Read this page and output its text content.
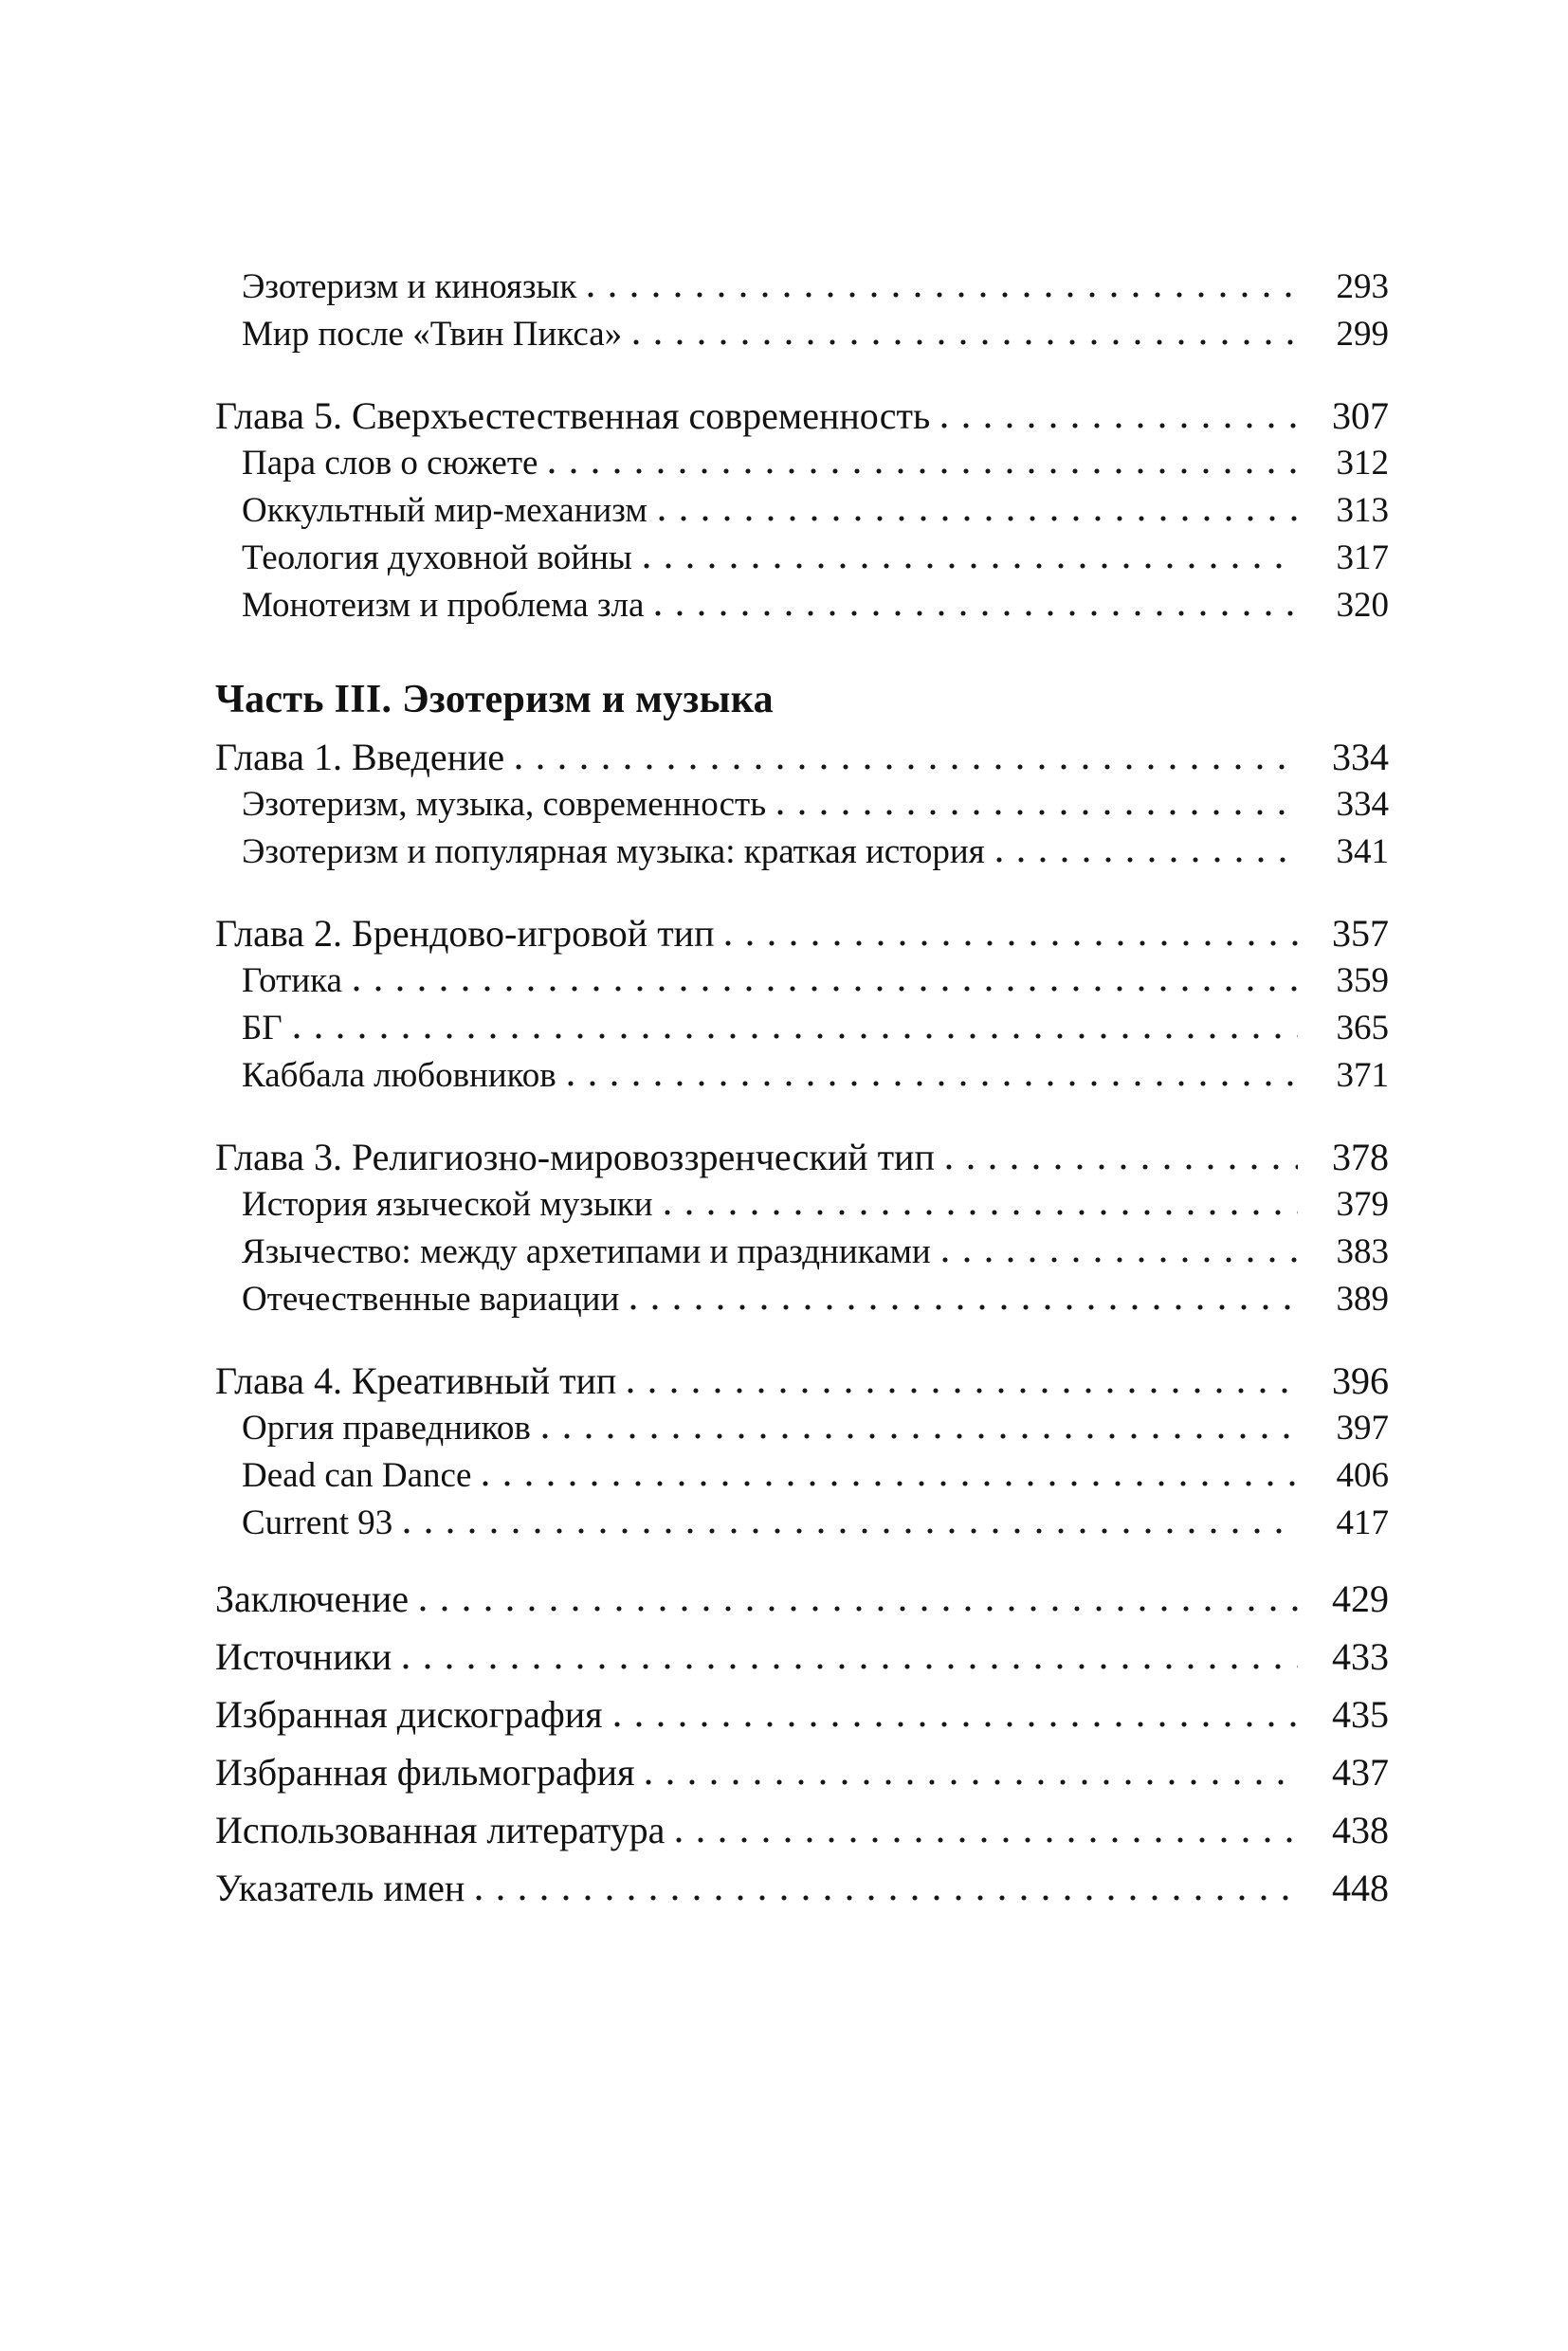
Эзотеризм и киноязык	293
Мир после «Твин Пикса»	299
Глава 5. Сверхъестественная современность	307
Пара слов о сюжете	312
Оккультный мир-механизм	313
Теология духовной войны	317
Монотеизм и проблема зла	320
Часть III. Эзотеризм и музыка
Глава 1. Введение	334
Эзотеризм, музыка, современность	334
Эзотеризм и популярная музыка: краткая история	341
Глава 2. Брендово-игровой тип	357
Готика	359
БГ	365
Каббала любовников	371
Глава 3. Религиозно-мировоззренческий тип	378
История языческой музыки	379
Язычество: между архетипами и праздниками	383
Отечественные вариации	389
Глава 4. Креативный тип	396
Оргия праведников	397
Dead can Dance	406
Current 93	417
Заключение	429
Источники	433
Избранная дискография	435
Избранная фильмография	437
Использованная литература	438
Указатель имен	448
